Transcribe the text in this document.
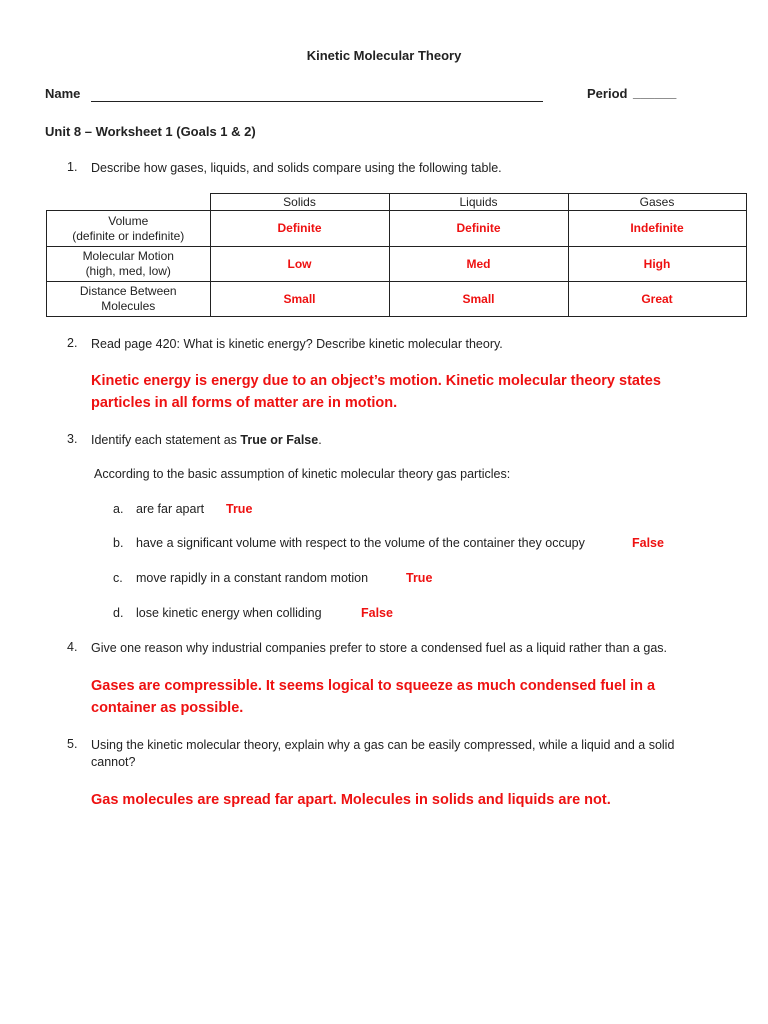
Kinetic Molecular Theory
Name	Period ______
Unit 8 – Worksheet 1 (Goals 1 & 2)
1. Describe how gases, liquids, and solids compare using the following table.
	Solids	Liquids	Gases

Volume
(definite or indefinite)	Definite	Definite	Indefinite

Molecular Motion
(high, med, low)	Low	Med	High

Distance Between
Molecules	Small	Small	Great
2. Read page 420: What is kinetic energy? Describe kinetic molecular theory.
Kinetic energy is energy due to an object’s motion. Kinetic molecular theory states
particles in all forms of matter are in motion.
3. Identify each statement as True or False.
According to the basic assumption of kinetic molecular theory gas particles:
a. are far apart True
b. have a significant volume with respect to the volume of the container they occupy	False
c. move rapidly in a constant random motion	True
d. lose kinetic energy when colliding	False
4. Give one reason why industrial companies prefer to store a condensed fuel as a liquid rather than a gas.
Gases are compressible. It seems logical to squeeze as much condensed fuel in a
container as possible.
5. Using the kinetic molecular theory, explain why a gas can be easily compressed, while a liquid and a solid
cannot?
Gas molecules are spread far apart. Molecules in solids and liquids are not.
